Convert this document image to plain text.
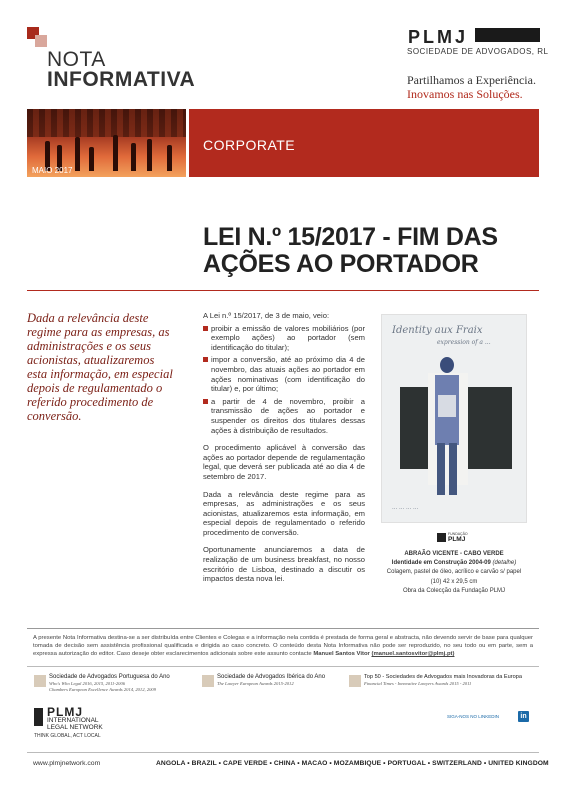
NOTA
INFORMATIVA
PLMJ
SOCIEDADE DE ADVOGADOS, RL
Partilhamos a Experiência.
Inovamos nas Soluções.
MAIO 2017
CORPORATE
LEI N.º 15/2017 - FIM DAS
AÇÕES AO PORTADOR
Dada a relevância deste regime para as empresas, as administrações e os seus acionistas, atualizaremos esta informação, em especial depois de regulamentado o referido procedimento de conversão.

A Lei n.º 15/2017, de 3 de maio, veio:

proibir a emissão de valores mobiliários (por exemplo ações) ao portador (sem identificação do titular);
impor a conversão, até ao próximo dia 4 de novembro, das atuais ações ao portador em ações nominativas (com identificação do titular) e, por último;
a partir de 4 de novembro, proibir a transmissão de ações ao portador e suspender os direitos dos titulares dessas ações à distribuição de resultados.

O procedimento aplicável à conversão das ações ao portador depende de regulamentação legal, que deverá ser publicada até ao dia 4 de setembro de 2017.

Dada a relevância deste regime para as empresas, as administrações e os seus acionistas, atualizaremos esta informação, em especial depois de regulamentado o referido procedimento de conversão.

Oportunamente anunciaremos a data de realização de um business breakfast, no nosso escritório de Lisboa, destinado a discutir os impactos desta nova lei.

Identity aux Fraix
expression of a ...
... ... ... ...
FUNDAÇÃO
PLMJ
ABRAÃO VICENTE - CABO VERDE
Identidade em Construção 2004-09 (detalhe)
Colagem, pastel de óleo, acrílico e carvão s/ papel
(10) 42 x 29,5 cm
Obra da Colecção da Fundação PLMJ
A presente Nota Informativa destina-se a ser distribuída entre Clientes e Colegas e a informação nela contida é prestada de forma geral e abstracta, não devendo servir de base para qualquer tomada de decisão sem assistência profissional qualificada e dirigida ao caso concreto. O conteúdo desta Nota Informativa não pode ser reproduzido, no seu todo ou em parte, sem a expressa autorização do editor. Caso deseje obter esclarecimentos adicionais sobre este assunto contacte Manuel Santos Vitor (manuel.santosvitor@plmj.pt)
Sociedade de Advogados Portuguesa do Ano
Who's Who Legal 2016, 2015, 2011-2006
Chambers European Excellence Awards 2014, 2012, 2009
Sociedade de Advogados Ibérica do Ano
The Lawyer European Awards 2015-2012
Top 50 - Sociedades de Advogados mais Inovadoras da Europa
Financial Times - Innovative Lawyers Awards 2015 - 2011
PLMJ
INTERNATIONAL
LEGAL NETWORK
THINK GLOBAL, ACT LOCAL
SIGA-NOS NO LINKEDIN	in
www.plmjnetwork.com	ANGOLA • BRAZIL • CAPE VERDE • CHINA • MACAO • MOZAMBIQUE • PORTUGAL • SWITZERLAND • UNITED KINGDOM
